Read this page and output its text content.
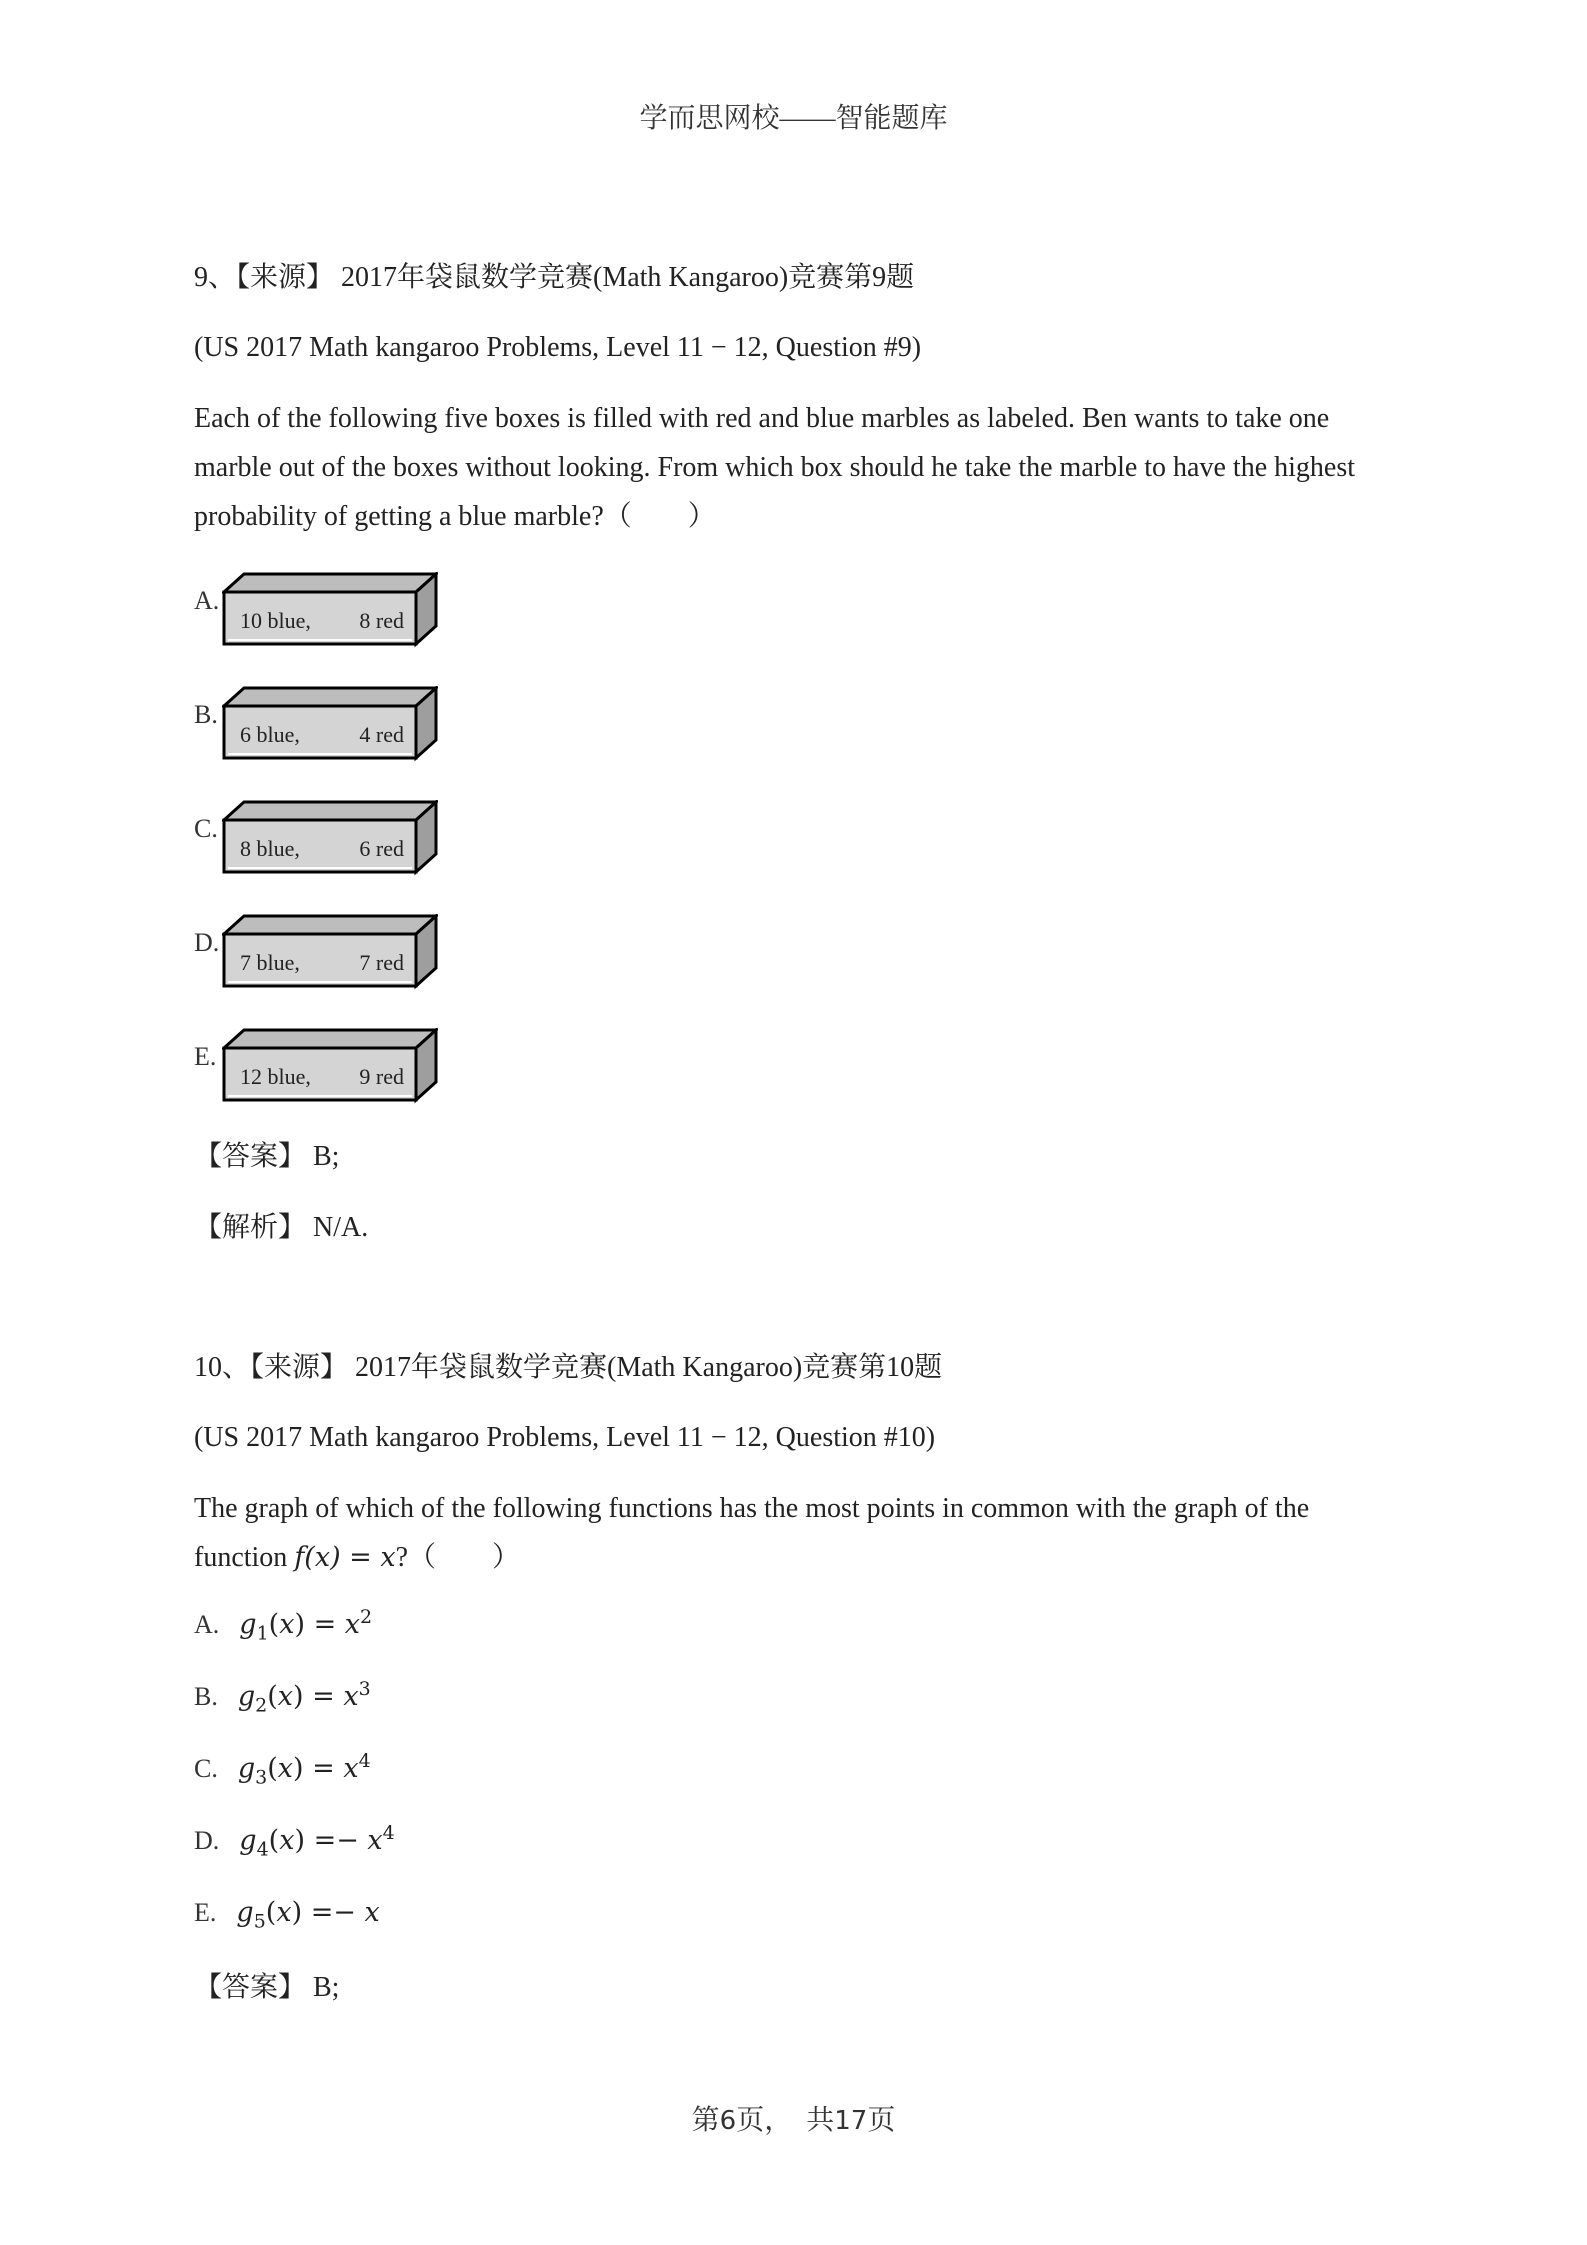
学而思网校——智能题库
9、【来源】 2017年袋鼠数学竞赛(Math Kangaroo)竞赛第9题
(US 2017 Math kangaroo Problems, Level 11 − 12, Question #9)
Each of the following five boxes is filled with red and blue marbles as labeled. Ben wants to take one
marble out of the boxes without looking. From which box should he take the marble to have the highest
probability of getting a blue marble?（　　）
A.
10 blue, 8 red
B.
6 blue,	4 red
C.
8 blue,	6 red
D.
7 blue,	7 red
E.
12 blue, 9 red
【答案】 B;
【解析】 N/A.
10、【来源】 2017年袋鼠数学竞赛(Math Kangaroo)竞赛第10题
(US 2017 Math kangaroo Problems, Level 11 − 12, Question #10)
The graph of which of the following functions has the most points in common with the graph of the
function f(x) = x?（　　）
A. $g_1(x) = x^2$
B. $g_2(x) = x^3$
C. $g_3(x) = x^4$
D. $g_4(x) =- x^4$
E. $g_5(x) =- x$
【答案】 B;
第6页，　共17页
